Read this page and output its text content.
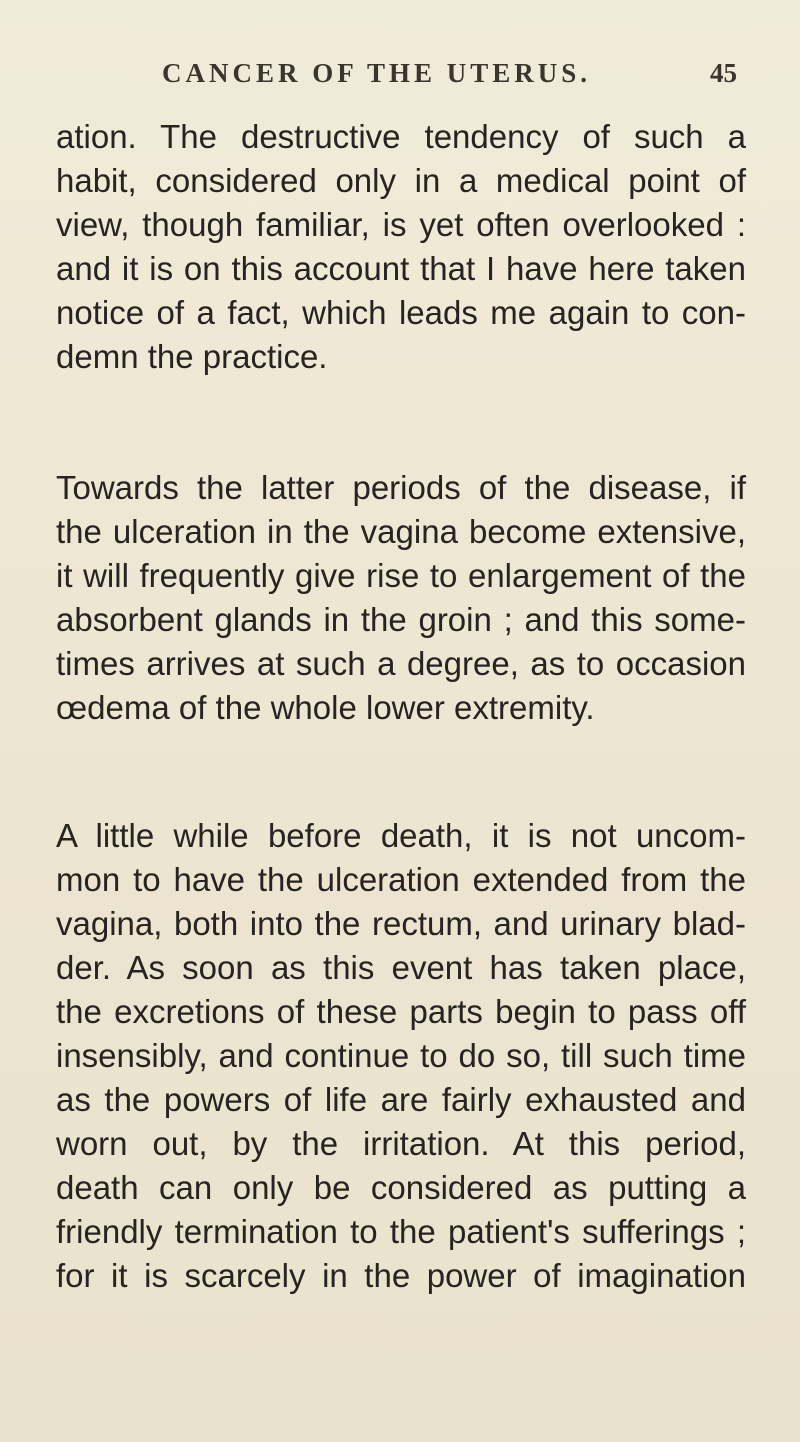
CANCER OF THE UTERUS.	45
ation. The destructive tendency of such a
habit, considered only in a medical point of
view, though familiar, is yet often overlooked :
and it is on this account that I have here taken
notice of a fact, which leads me again to con-
demn the practice.
Towards the latter periods of the disease, if
the ulceration in the vagina become extensive,
it will frequently give rise to enlargement of the
absorbent glands in the groin ; and this some-
times arrives at such a degree, as to occasion
œdema of the whole lower extremity.
A little while before death, it is not uncom-
mon to have the ulceration extended from the
vagina, both into the rectum, and urinary blad-
der. As soon as this event has taken place,
the excretions of these parts begin to pass off
insensibly, and continue to do so, till such time
as the powers of life are fairly exhausted and
worn out, by the irritation. At this period,
death can only be considered as putting a
friendly termination to the patient's sufferings ;
for it is scarcely in the power of imagination
